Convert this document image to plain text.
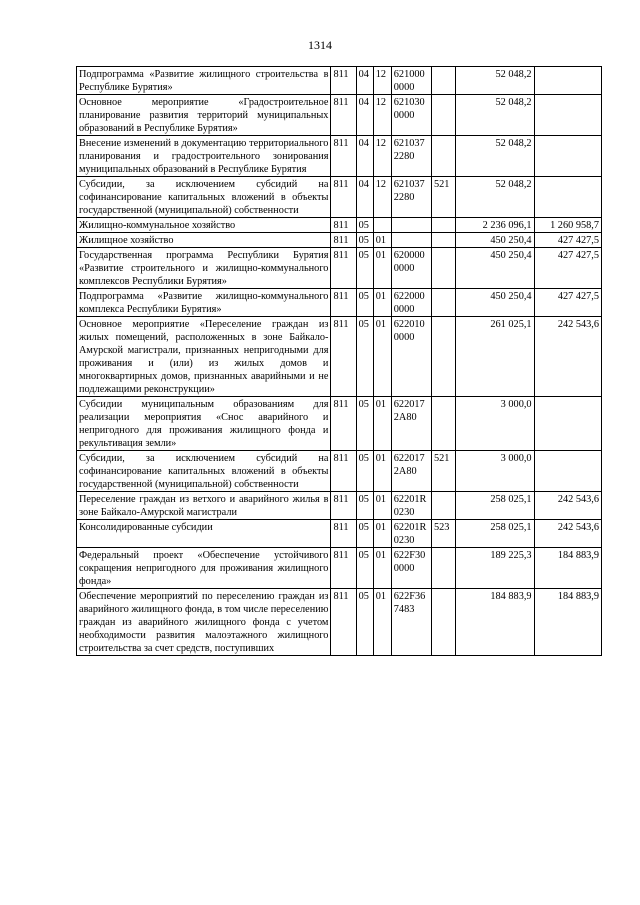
1314
Подпрограмма «Развитие жилищного строительства в Республике Бурятия»	811	04	12	621000 0000		52 048,2	
Основное мероприятие «Градостроительное планирование развития территорий муниципальных образований в Республике Бурятия»	811	04	12	621030 0000		52 048,2	
Внесение изменений в документацию территориального планирования и градостроительного зонирования муниципальных образований в Республике Бурятия	811	04	12	621037 2280		52 048,2	
Субсидии, за исключением субсидий на софинансирование капитальных вложений в объекты государственной (муниципальной) собственности	811	04	12	621037 2280	521	52 048,2	
Жилищно-коммунальное хозяйство	811	05				2 236 096,1	1 260 958,7
Жилищное хозяйство	811	05	01			450 250,4	427 427,5
Государственная программа Республики Бурятия «Развитие строительного и жилищно-коммунального комплексов Республики Бурятия»	811	05	01	620000 0000		450 250,4	427 427,5
Подпрограмма «Развитие жилищно-коммунального комплекса Республики Бурятия»	811	05	01	622000 0000		450 250,4	427 427,5
Основное мероприятие «Переселение граждан из жилых помещений, расположенных в зоне Байкало-Амурской магистрали, признанных непригодными для проживания и (или) из жилых домов и многоквартирных домов, признанных аварийными и не подлежащими реконструкции»	811	05	01	622010 0000		261 025,1	242 543,6
Субсидии муниципальным образованиям для реализации мероприятия «Снос аварийного и непригодного для проживания жилищного фонда и рекультивация земли»	811	05	01	622017 2А80		3 000,0	
Субсидии, за исключением субсидий на софинансирование капитальных вложений в объекты государственной (муниципальной) собственности	811	05	01	622017 2А80	521	3 000,0	
Переселение граждан из ветхого и аварийного жилья в зоне Байкало-Амурской магистрали	811	05	01	62201R 0230		258 025,1	242 543,6
Консолидированные субсидии	811	05	01	62201R 0230	523	258 025,1	242 543,6
Федеральный проект «Обеспечение устойчивого сокращения непригодного для проживания жилищного фонда»	811	05	01	622F30 0000		189 225,3	184 883,9
Обеспечение мероприятий по переселению граждан из аварийного жилищного фонда, в том числе переселению граждан из аварийного жилищного фонда с учетом необходимости развития малоэтажного жилищного строительства за счет средств, поступивших	811	05	01	622F36 7483		184 883,9	184 883,9
